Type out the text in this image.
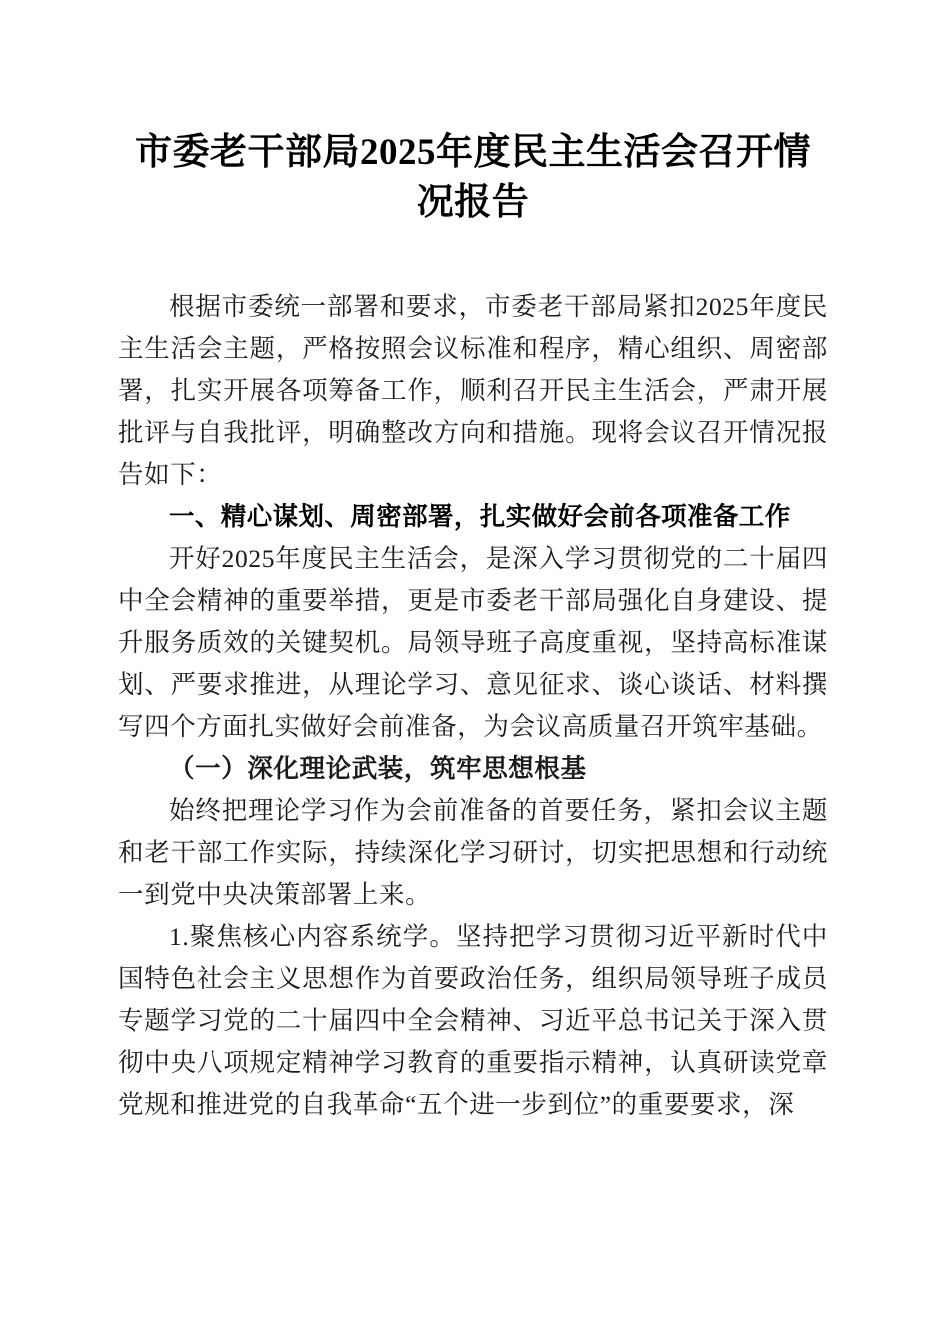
市委老干部局2025年度民主生活会召开情况报告

根据市委统一部署和要求，市委老干部局紧扣2025年度民主生活会主题，严格按照会议标准和程序，精心组织、周密部署，扎实开展各项筹备工作，顺利召开民主生活会，严肃开展批评与自我批评，明确整改方向和措施。现将会议召开情况报告如下：

一、精心谋划、周密部署，扎实做好会前各项准备工作

开好2025年度民主生活会，是深入学习贯彻党的二十届四中全会精神的重要举措，更是市委老干部局强化自身建设、提升服务质效的关键契机。局领导班子高度重视，坚持高标准谋划、严要求推进，从理论学习、意见征求、谈心谈话、材料撰写四个方面扎实做好会前准备，为会议高质量召开筑牢基础。

（一）深化理论武装，筑牢思想根基

始终把理论学习作为会前准备的首要任务，紧扣会议主题和老干部工作实际，持续深化学习研讨，切实把思想和行动统一到党中央决策部署上来。

1.聚焦核心内容系统学。坚持把学习贯彻习近平新时代中国特色社会主义思想作为首要政治任务，组织局领导班子成员专题学习党的二十届四中全会精神、习近平总书记关于深入贯彻中央八项规定精神学习教育的重要指示精神，认真研读党章党规和推进党的自我革命“五个进一步到位”的重要要求，深
